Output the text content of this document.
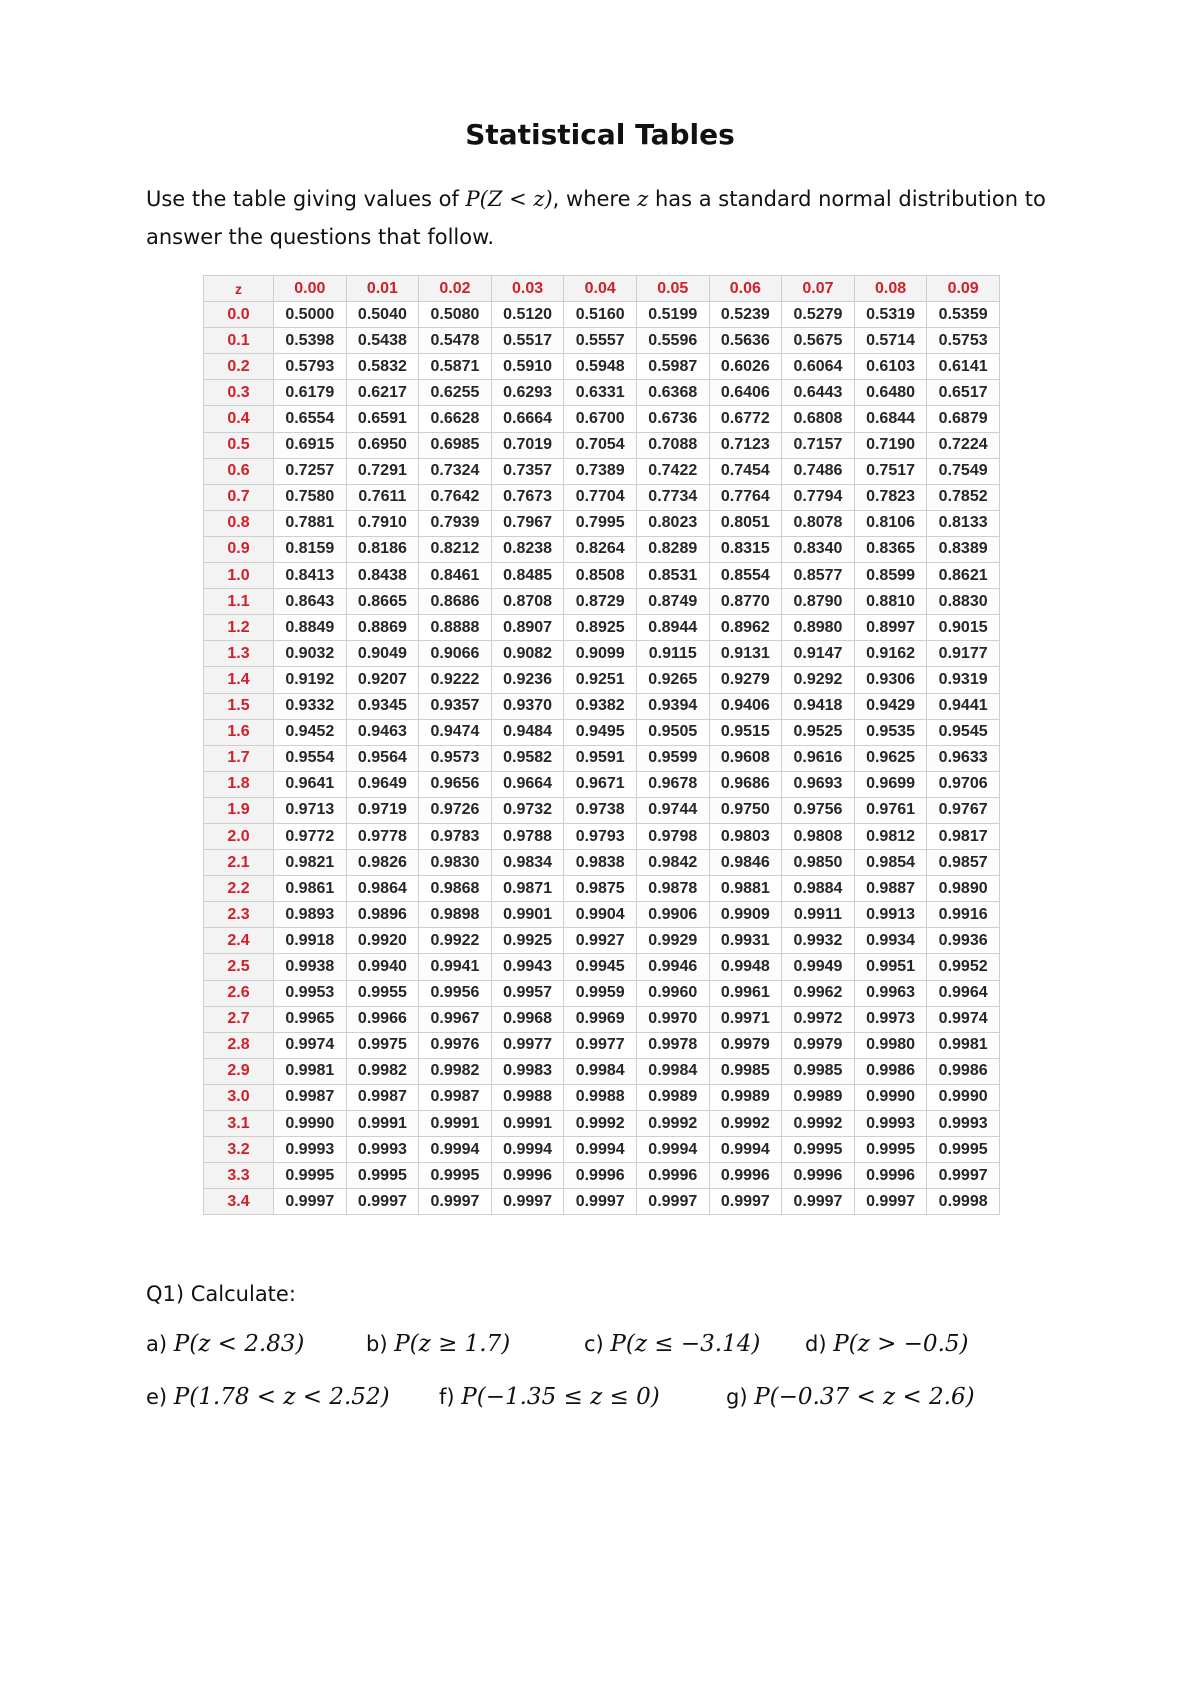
Statistical Tables
Use the table giving values of P(Z < z), where z has a standard normal distribution to answer the questions that follow.
z	0.00	0.01	0.02	0.03	0.04	0.05	0.06	0.07	0.08	0.09
0.0	0.5000	0.5040	0.5080	0.5120	0.5160	0.5199	0.5239	0.5279	0.5319	0.5359
0.1	0.5398	0.5438	0.5478	0.5517	0.5557	0.5596	0.5636	0.5675	0.5714	0.5753
0.2	0.5793	0.5832	0.5871	0.5910	0.5948	0.5987	0.6026	0.6064	0.6103	0.6141
0.3	0.6179	0.6217	0.6255	0.6293	0.6331	0.6368	0.6406	0.6443	0.6480	0.6517
0.4	0.6554	0.6591	0.6628	0.6664	0.6700	0.6736	0.6772	0.6808	0.6844	0.6879
0.5	0.6915	0.6950	0.6985	0.7019	0.7054	0.7088	0.7123	0.7157	0.7190	0.7224
0.6	0.7257	0.7291	0.7324	0.7357	0.7389	0.7422	0.7454	0.7486	0.7517	0.7549
0.7	0.7580	0.7611	0.7642	0.7673	0.7704	0.7734	0.7764	0.7794	0.7823	0.7852
0.8	0.7881	0.7910	0.7939	0.7967	0.7995	0.8023	0.8051	0.8078	0.8106	0.8133
0.9	0.8159	0.8186	0.8212	0.8238	0.8264	0.8289	0.8315	0.8340	0.8365	0.8389
1.0	0.8413	0.8438	0.8461	0.8485	0.8508	0.8531	0.8554	0.8577	0.8599	0.8621
1.1	0.8643	0.8665	0.8686	0.8708	0.8729	0.8749	0.8770	0.8790	0.8810	0.8830
1.2	0.8849	0.8869	0.8888	0.8907	0.8925	0.8944	0.8962	0.8980	0.8997	0.9015
1.3	0.9032	0.9049	0.9066	0.9082	0.9099	0.9115	0.9131	0.9147	0.9162	0.9177
1.4	0.9192	0.9207	0.9222	0.9236	0.9251	0.9265	0.9279	0.9292	0.9306	0.9319
1.5	0.9332	0.9345	0.9357	0.9370	0.9382	0.9394	0.9406	0.9418	0.9429	0.9441
1.6	0.9452	0.9463	0.9474	0.9484	0.9495	0.9505	0.9515	0.9525	0.9535	0.9545
1.7	0.9554	0.9564	0.9573	0.9582	0.9591	0.9599	0.9608	0.9616	0.9625	0.9633
1.8	0.9641	0.9649	0.9656	0.9664	0.9671	0.9678	0.9686	0.9693	0.9699	0.9706
1.9	0.9713	0.9719	0.9726	0.9732	0.9738	0.9744	0.9750	0.9756	0.9761	0.9767
2.0	0.9772	0.9778	0.9783	0.9788	0.9793	0.9798	0.9803	0.9808	0.9812	0.9817
2.1	0.9821	0.9826	0.9830	0.9834	0.9838	0.9842	0.9846	0.9850	0.9854	0.9857
2.2	0.9861	0.9864	0.9868	0.9871	0.9875	0.9878	0.9881	0.9884	0.9887	0.9890
2.3	0.9893	0.9896	0.9898	0.9901	0.9904	0.9906	0.9909	0.9911	0.9913	0.9916
2.4	0.9918	0.9920	0.9922	0.9925	0.9927	0.9929	0.9931	0.9932	0.9934	0.9936
2.5	0.9938	0.9940	0.9941	0.9943	0.9945	0.9946	0.9948	0.9949	0.9951	0.9952
2.6	0.9953	0.9955	0.9956	0.9957	0.9959	0.9960	0.9961	0.9962	0.9963	0.9964
2.7	0.9965	0.9966	0.9967	0.9968	0.9969	0.9970	0.9971	0.9972	0.9973	0.9974
2.8	0.9974	0.9975	0.9976	0.9977	0.9977	0.9978	0.9979	0.9979	0.9980	0.9981
2.9	0.9981	0.9982	0.9982	0.9983	0.9984	0.9984	0.9985	0.9985	0.9986	0.9986
3.0	0.9987	0.9987	0.9987	0.9988	0.9988	0.9989	0.9989	0.9989	0.9990	0.9990
3.1	0.9990	0.9991	0.9991	0.9991	0.9992	0.9992	0.9992	0.9992	0.9993	0.9993
3.2	0.9993	0.9993	0.9994	0.9994	0.9994	0.9994	0.9994	0.9995	0.9995	0.9995
3.3	0.9995	0.9995	0.9995	0.9996	0.9996	0.9996	0.9996	0.9996	0.9996	0.9997
3.4	0.9997	0.9997	0.9997	0.9997	0.9997	0.9997	0.9997	0.9997	0.9997	0.9998
Q1) Calculate:
a) P(z < 2.83)	b) P(z ≥ 1.7)	c) P(z ≤ −3.14) d) P(z > −0.5)
e) P(1.78 < z < 2.52) f) P(−1.35 ≤ z ≤ 0)	g) P(−0.37 < z < 2.6)
